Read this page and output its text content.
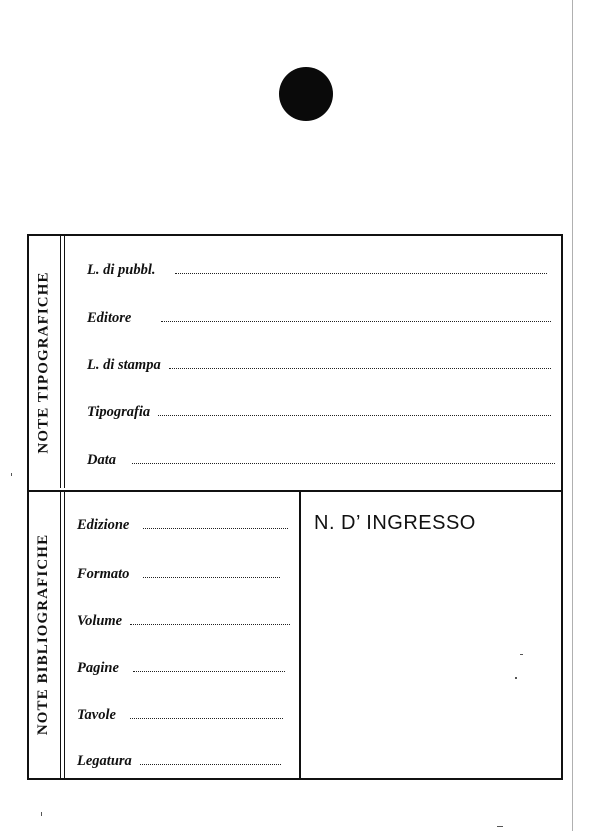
NOTE TIPOGRAFICHE
NOTE BIBLIOGRAFICHE
L. di pubbl.
Editore
L. di stampa
Tipografia
Data
Edizione
Formato
Volume
Pagine
Tavole
Legatura
N. D’ INGRESSO
